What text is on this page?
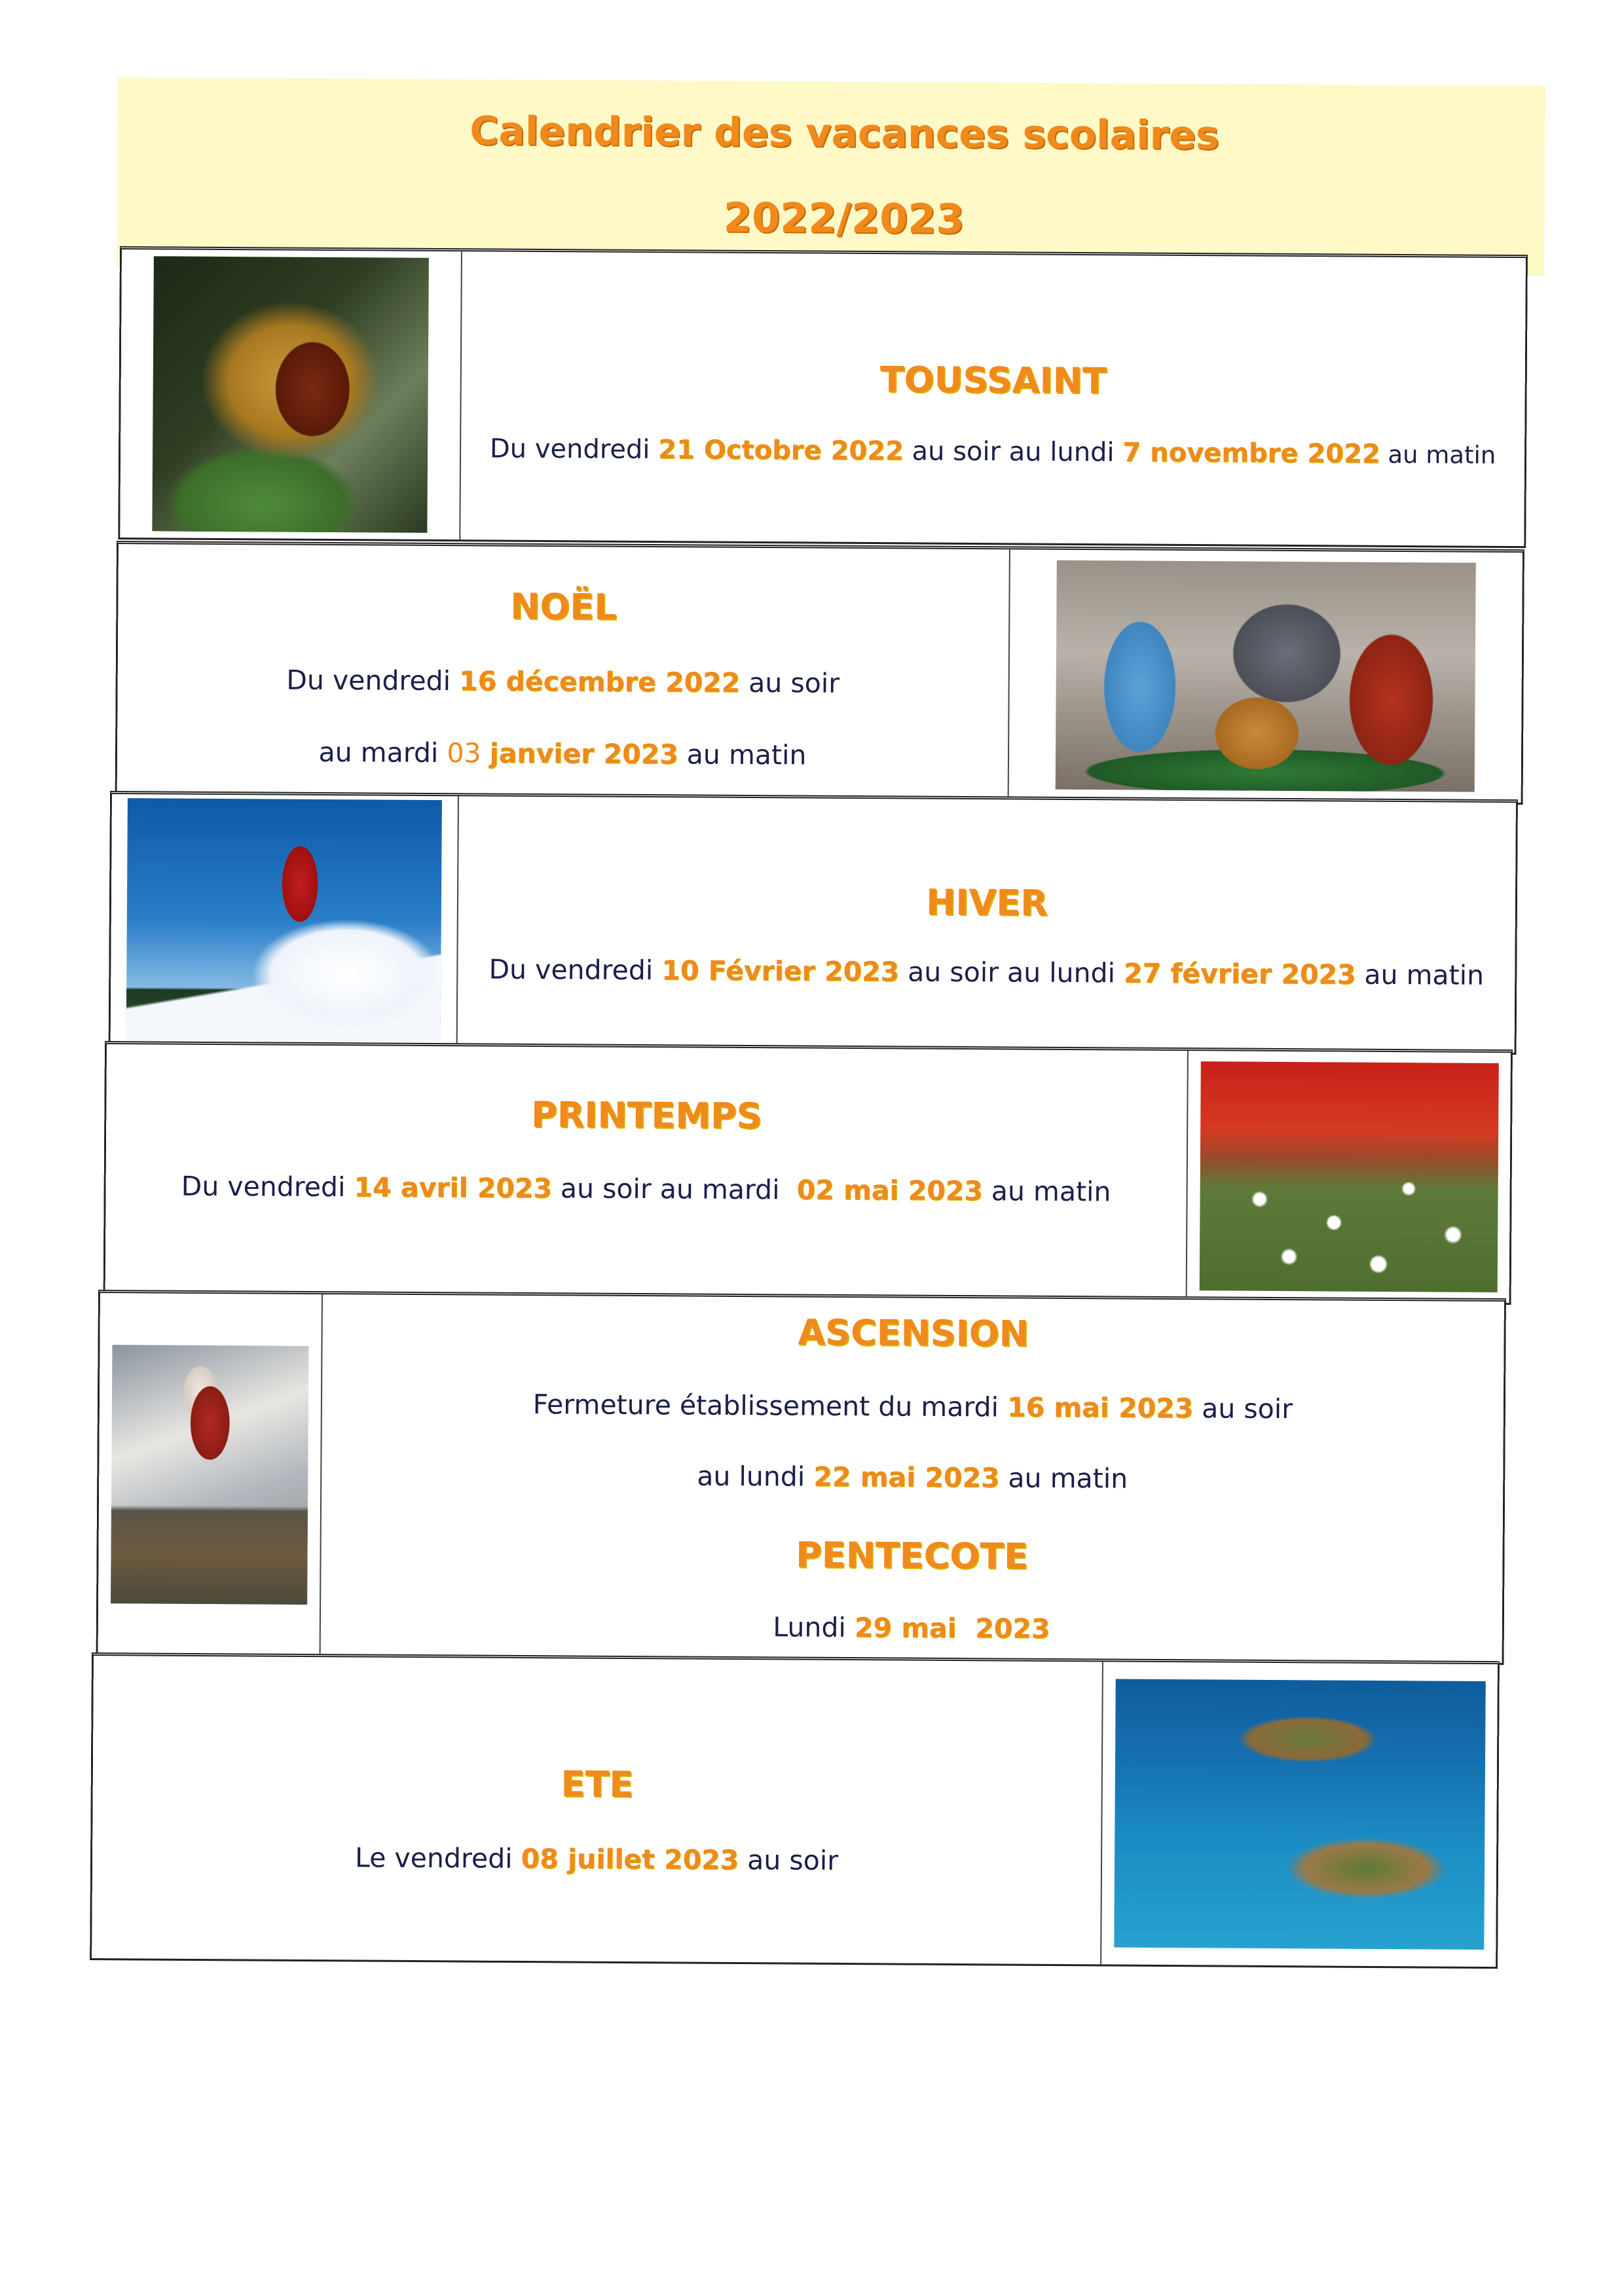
Calendrier des vacances scolaires
2022/2023
TOUSSAINT
Du vendredi 21 Octobre 2022 au soir au lundi 7 novembre 2022 au matin
NOËL
Du vendredi 16 décembre 2022 au soir
au mardi 03 janvier 2023 au matin
HIVER
Du vendredi 10 Février 2023 au soir au lundi 27 février 2023 au matin
PRINTEMPS
Du vendredi 14 avril 2023 au soir au mardi  02 mai 2023 au matin
ASCENSION
Fermeture établissement du mardi 16 mai 2023 au soir
au lundi 22 mai 2023 au matin
PENTECOTE
Lundi 29 mai  2023
ETE
Le vendredi 08 juillet 2023 au soir
